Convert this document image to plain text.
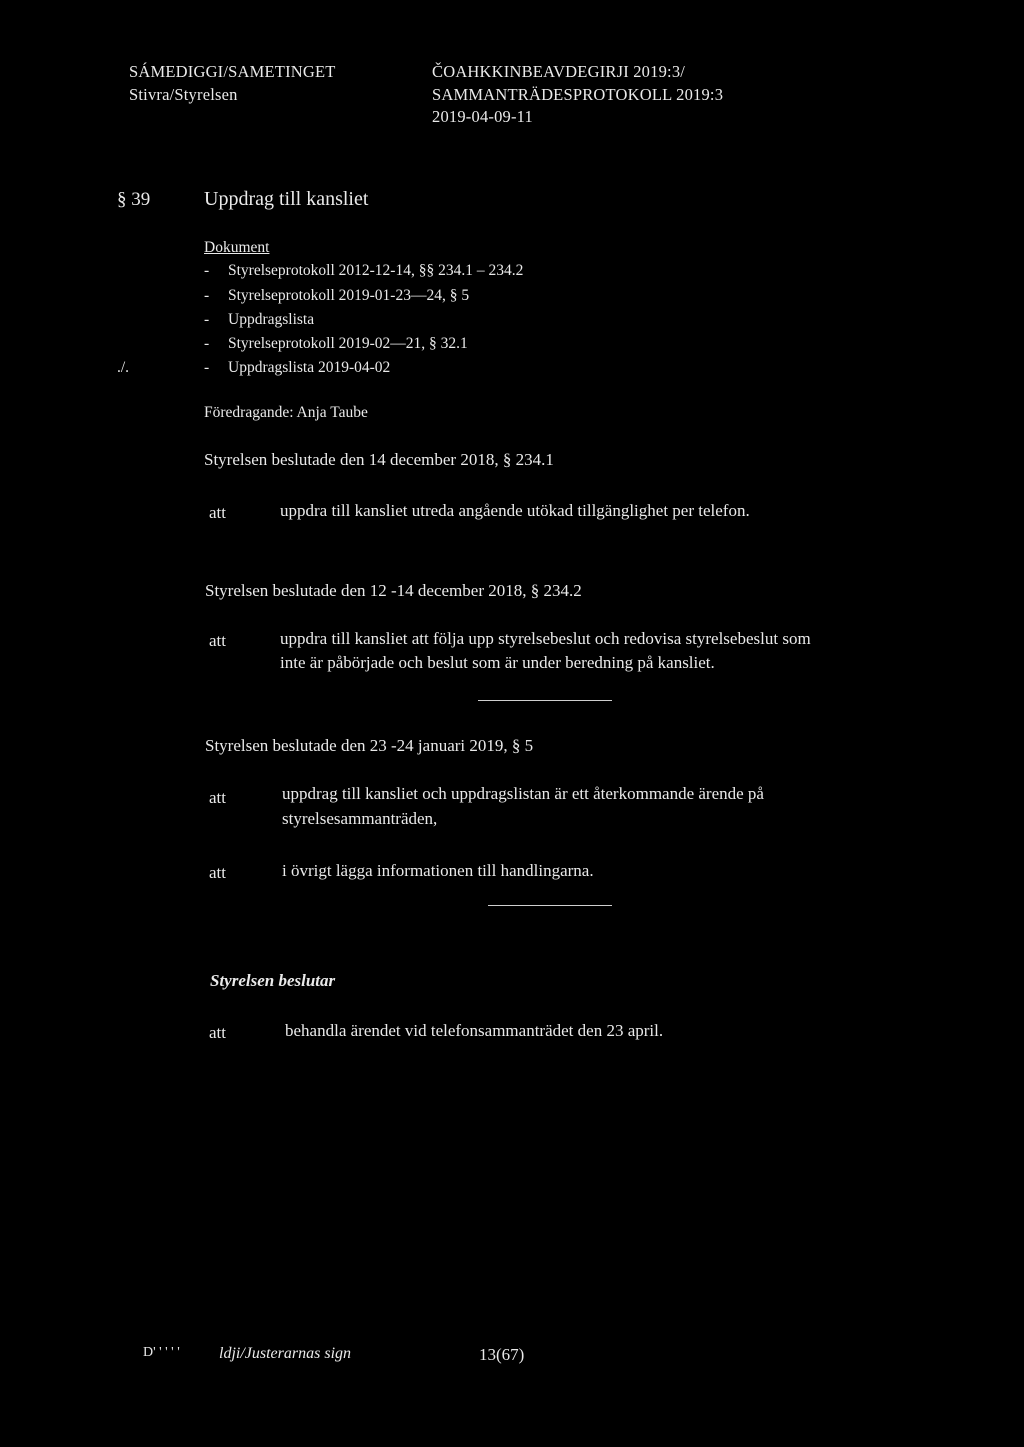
SÁMEDIGGI/SAMETINGET
Stivra/Styrelsen
ČOAHKKINBEAVDEGIRJI 2019:3/
SAMMANTRÄDESPROTOKOLL 2019:3
2019-04-09-11
§ 39	Uppdrag till kansliet
Dokument
- Styrelseprotokoll 2012-12-14, §§ 234.1 – 234.2
- Styrelseprotokoll 2019-01-23—24, § 5
- Uppdragslista
- Styrelseprotokoll 2019-02—21, § 32.1
./.	- Uppdragslista 2019-04-02
Föredragande: Anja Taube
Styrelsen beslutade den 14 december 2018, § 234.1
att	uppdra till kansliet utreda angående utökad tillgänglighet per telefon.
Styrelsen beslutade den 12 -14 december 2018, § 234.2
att	uppdra till kansliet att följa upp styrelsebeslut och redovisa styrelsebeslut som
inte är påbörjade och beslut som är under beredning på kansliet.
Styrelsen beslutade den 23 -24 januari 2019, § 5
att	uppdrag till kansliet och uppdragslistan är ett återkommande ärende på
styrelsesammanträden,
att	i övrigt lägga informationen till handlingarna.
Styrelsen beslutar
att	behandla ärendet vid telefonsammanträdet den 23 april.
D' ' ' ' ' ldji/Justerarnas sign	13(67)
